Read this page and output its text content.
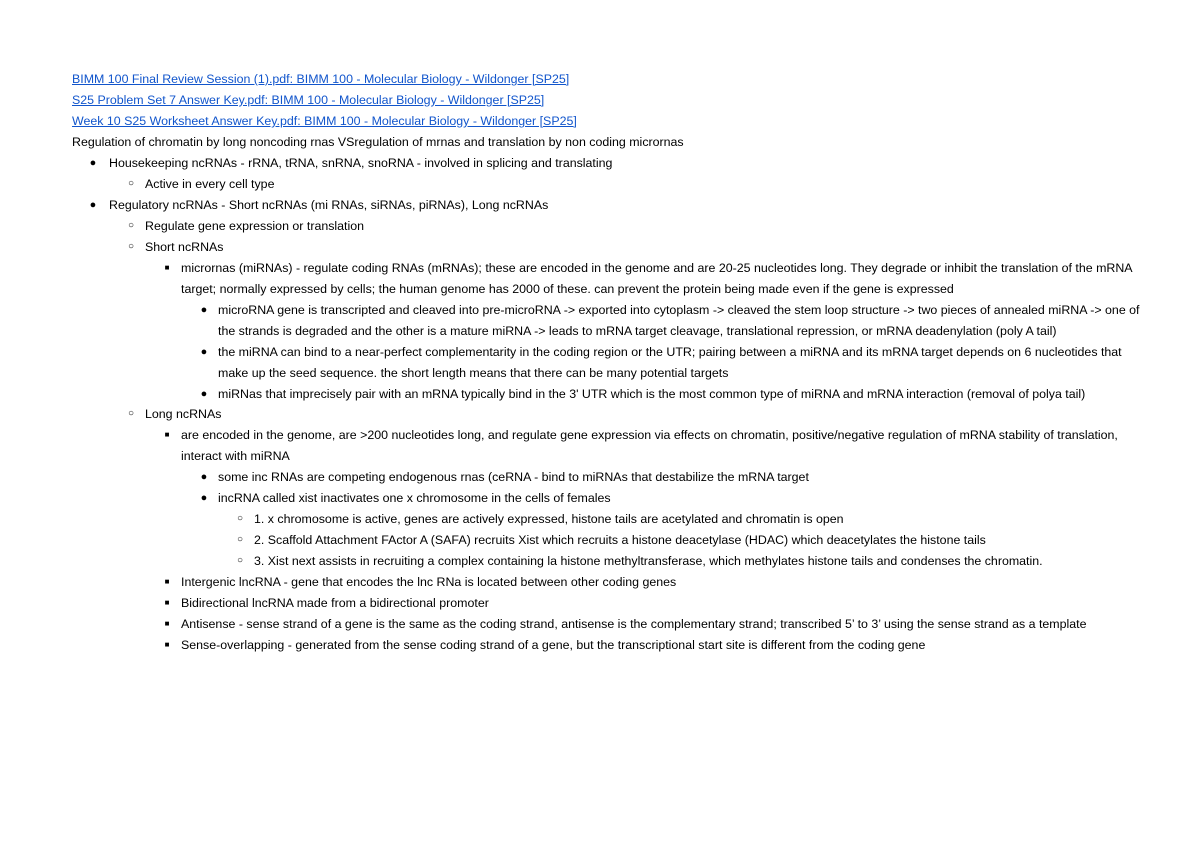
BIMM 100 Final Review Session (1).pdf: BIMM 100 - Molecular Biology - Wildonger [SP25]
S25 Problem Set 7 Answer Key.pdf: BIMM 100 - Molecular Biology - Wildonger [SP25]
Week 10 S25 Worksheet Answer Key.pdf: BIMM 100 - Molecular Biology - Wildonger [SP25]
Regulation of chromatin by long noncoding rnas VSregulation of mrnas and translation by non coding micrornas
● Housekeeping ncRNAs - rRNA, tRNA, snRNA, snoRNA - involved in splicing and translating
○ Active in every cell type
● Regulatory ncRNAs - Short ncRNAs (mi RNAs, siRNAs, piRNAs), Long ncRNAs
○ Regulate gene expression or translation
○ Short ncRNAs
■ micrornas (miRNAs) - regulate coding RNAs (mRNAs); these are encoded in the genome and are 20-25 nucleotides long. They degrade or inhibit the translation of the mRNA
target; normally expressed by cells; the human genome has 2000 of these. can prevent the protein being made even if the gene is expressed
● microRNA gene is transcripted and cleaved into pre-microRNA -> exported into cytoplasm -> cleaved the stem loop structure -> two pieces of annealed miRNA -> one of
the strands is degraded and the other is a mature miRNA -> leads to mRNA target cleavage, translational repression, or mRNA deadenylation (poly A tail)
● the miRNA can bind to a near-perfect complementarity in the coding region or the UTR; pairing between a miRNA and its mRNA target depends on 6 nucleotides that
make up the seed sequence. the short length means that there can be many potential targets
● miRNas that imprecisely pair with an mRNA typically bind in the 3' UTR which is the most common type of miRNA and mRNA interaction (removal of polya tail)
○ Long ncRNAs
■ are encoded in the genome, are >200 nucleotides long, and regulate gene expression via effects on chromatin, positive/negative regulation of mRNA stability of translation,
interact with miRNA
● some inc RNAs are competing endogenous rnas (ceRNA - bind to miRNAs that destabilize the mRNA target
● incRNA called xist inactivates one x chromosome in the cells of females
○ 1. x chromosome is active, genes are actively expressed, histone tails are acetylated and chromatin is open
○ 2. Scaffold Attachment FActor A (SAFA) recruits Xist which recruits a histone deacetylase (HDAC) which deacetylates the histone tails
○ 3. Xist next assists in recruiting a complex containing la histone methyltransferase, which methylates histone tails and condenses the chromatin.
■ Intergenic lncRNA - gene that encodes the lnc RNa is located between other coding genes
■ Bidirectional lncRNA made from a bidirectional promoter
■ Antisense - sense strand of a gene is the same as the coding strand, antisense is the complementary strand; transcribed 5’ to 3’ using the sense strand as a template
■ Sense-overlapping - generated from the sense coding strand of a gene, but the transcriptional start site is different from the coding gene
